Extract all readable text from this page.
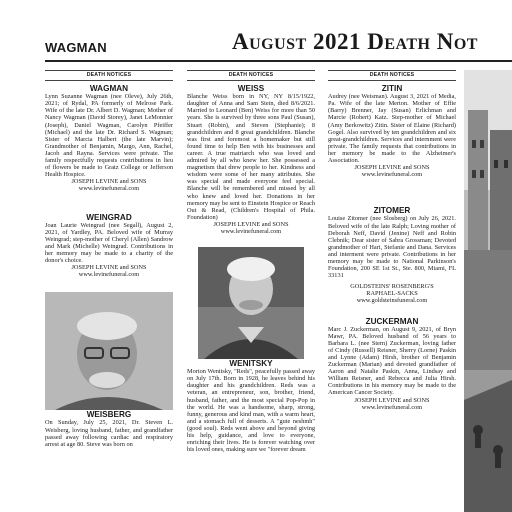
WAGMAN	August 2021 Death Not
DEATH NOTICES
WAGMAN

Lynn Suzanne Wagman (nee Oleve), July 26th, 2021; of Rydal, PA formerly of Melrose Park. Wife of the late Dr. Albert D. Wagman; Mother of Nancy Wagman (David Storey), Janet LeMonnier (Joseph), Daniel Wagman, Carolyn Pfeiffer (Michael) and the late Dr. Richard S. Wagman; Sister of Marcia Halbert (the late Marvin); Grandmother of Benjamin, Margo, Ann, Rachel, Jacob and Rayna. Services were private. The family respectfully requests contributions in lieu of flowers be made to Gratz College or Jefferson Health Hospice.

JOSEPH LEVINE and SONS

www.levinefuneral.com

WEINGRAD

Joan Laurie Weingrad (nee Segall), August 2, 2021, of Yardley, PA. Beloved wife of Murray Weingrad; step-mother of Cheryl (Allen) Sandrow and Mark (Michelle) Weingrad. Contributions in her memory may be made to a charity of the donor's choice.

JOSEPH LEVINE and SONS

www.levinefuneral.com

WEISBERG

On Sunday, July 25, 2021, Dr. Steven L. Weisberg, loving husband, father, and grandfather passed away following cardiac and respiratory arrest at age 80. Steve was born on

DEATH NOTICES
WEISS

Blanche Weiss born in NY, NY 8/15/1922, daughter of Anna and Sam Stein, died 8/6/2021. Married to Leonard (Ben) Weiss for more than 50 years. She is survived by three sons Paul (Susan), Stuart (Robin), and Steven (Stephanie); 8 grandchildren and 8 great grandchildren. Blanche was first and foremost a homemaker but still found time to help Ben with his businesses and career. A true matriarch who was loved and admired by all who knew her. She possessed a magnetism that drew people to her. Kindness and wisdom were some of her many attributes. She was special and made everyone feel special. Blanche will be remembered and missed by all who knew and loved her. Donations in her memory may be sent to Einstein Hospice or Reach Out & Read, (Children's Hospital of Phila. Foundation)

JOSEPH LEVINE and SONS

www.levinefuneral.com

WENITSKY

Morton Wenitsky, "Reds", peacefully passed away on July 17th. Born in 1928, he leaves behind his daughter and his grandchildren. Reds was a veteran, an entrepreneur, son, brother, friend, husband, father, and the most special Pop-Pop in the world. He was a handsome, sharp, strong, funny, generous and kind man, with a warm heart, and a stomach full of desserts. A "gute neshmh" (good soul). Reds went above and beyond giving his help, guidance, and love to everyone, enriching their lives. He is forever watching over his loved ones, making sure we "forever dream

DEATH NOTICES
ZITIN

Audrey (nee Weisman). August 3, 2021 of Media, Pa. Wife of the late Merton. Mother of Effie (Barry) Brenner, Jay (Susan) Erlichman and Marcie (Robert) Katz. Step-mother of Michael (Amy Berkowitz) Zitin. Sister of Elaine (Richard) Gogel. Also survived by ten grandchildren and six great-grandchildren. Services and internment were private. The family requests that contributions in her memory be made to the Alzheimer's Association.

JOSEPH LEVINE and SONS

www.levinefuneral.com

ZITOMER

Louise Zitomer (nee Slosberg) on July 26, 2021. Beloved wife of the late Ralph; Loving mother of Deborah Neff, David (Jenine) Neff and Robin Clebnik; Dear sister of Sabra Grossman; Devoted grandmother of Hari, Stefanie and Dana. Services and interment were private. Contributions in her memory may be made to National Parkinson's Foundation, 200 SE 1st St., Ste. 800, Miami, FL 33131

GOLDSTEINS' ROSENBERG'S

RAPHAEL-SACKS

www.goldsteinsfuneral.com

ZUCKERMAN

Marc J. Zuckerman, on August 9, 2021, of Bryn Mawr, PA. Beloved husband of 56 years to Barbara L. (nee Stern) Zuckerman, loving father of Cindy (Russell) Reisner, Sherry (Lorne) Paskin and Lynne (Adam) Hirsh, brother of Benjamin Zuckerman (Marian) and devoted grandfather of Aaron and Natalie Paskin, Anna, Lindsay and William Reisner, and Rebecca and Julia Hirsh. Contributions in his memory may be made to the American Cancer Society.

JOSEPH LEVINE and SONS

www.levinefuneral.com
